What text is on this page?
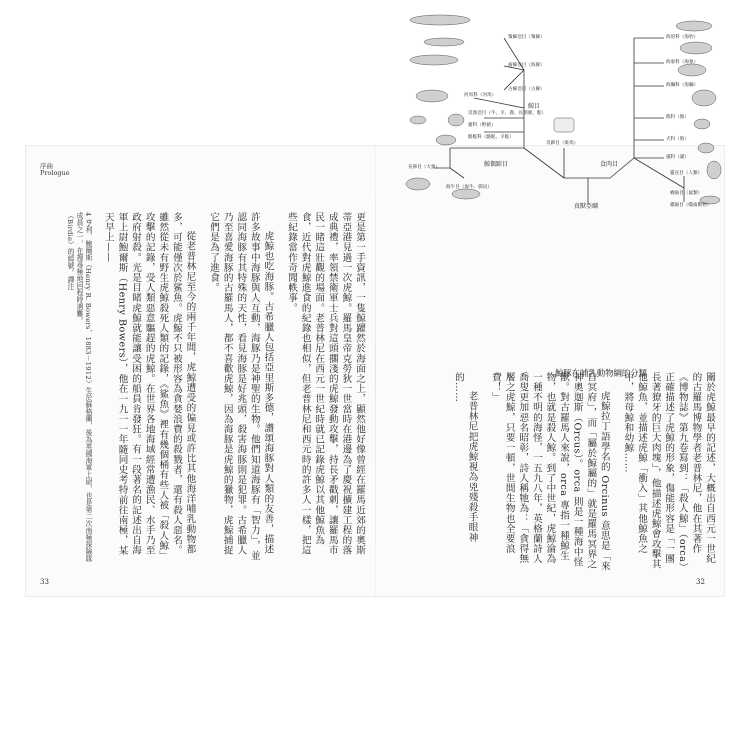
序曲
Prologue

更是第一手資訊，一隻鯨躍然於海面之上，顯然他好像曾經在羅馬近郊的奧斯蒂亞港見過一次虎鯨。羅馬皇帝克勞狄一世當時在港邊為了慶祝擴建工程的落成典禮，率領禁衛軍士兵對這頭擱淺的虎鯨發動攻擊，持長矛戳刺，讓羅馬市民一睹這壯觀的場面。老普林尼在西元一世紀時就已記錄虎鯨以其他鯨魚為食，近代對虎鯨進食的紀錄也相似，但老普林尼和西元時的許多人一樣，把這些紀錄當作奇聞軼事。

虎鯨也吃海豚。古希臘人包括亞里斯多德，讚頌海豚對人類的友善，描述許多故事中海豚與人互動，海豚乃是神聖的生物。他們知道海豚有「智力」，並認同海豚有其特殊的天性，看見海豚是好兆頭，殺害海豚則是犯罪。古希臘人乃至喜愛海豚的古羅馬人，都不喜歡虎鯨，因為海豚是虎鯨的獵物，虎鯨捕捉它們是為了進食。

從老普林尼至今的兩千年間，虎鯨遭受的偏見或許比其他海洋哺乳動物都多，可能僅次於鯊魚。虎鯨不只被形容為貪婪浪費的殺戮者，還有殺人惡名。雖然從未有野生虎鯨殺死人類的記錄，《鯊魚》裡有幾個桶有些人被「殺人鯨」攻擊的記錄，受人類惡意驅趕的虎鯨。在世界各地海域經常遭漁民、水手乃至政府射殺。光是目睹虎鯨就能讓受困的船員肯發狂。有一段著名的記述出自海軍上尉鮑爾斯（Henry Bowers），他在一九一一年隨同史考特前往南極，某天早上——

4 亨利．鮑爾斯（Henry R. Bowers，1883－1912）生於蘇格蘭，後為英國海軍上尉，也是第二次南極探險隊成員之一，在搜尋極地回程時遇難。
（Birdie）的綽號。譯注
33

關於虎鯨最早的記述，大概出自西元一世紀的古羅馬博物學者老普林尼，他在其著作《博物誌》第九卷寫到：「殺人鯨」（orca）正確描述了虎鯨的形象，傷能形容是「一團長著獠牙的巨大肉塊」，他描述虎鯨會攻擊其他鯨魚，並描述虎鯨「衝入」其他鯨魚之中，將母鯨和幼鯨……

虎鯨拉丁語學名的 Orcinus 意思是「來自冥府」，而「屬於鯨屬的」就是羅馬冥界之神奧迦斯（Orcus）。orca 則是一種海中怪獸。對古羅馬人來說，orca 專指一種鯨生物，也就是殺人鯨。到了中世紀，虎鯨淪為一種不明的海怪，一五九八年，英格蘭詩人喬叟更加惡名昭彰，詩人稱牠為：「貪得無饜之虎鯨，只要一頓，世間生物也全要浪費！」

老普林尼把虎鯨視為兇殘殺手眼神的……

32
鯨豚在哺乳動物綱的分類
鬚鯨亞目（鬚鯨）
齒鯨亞目（海豚）
古鯨亞目（古鯨）
鯨目
河馬科（河馬）
反芻亞目（牛、羊、鹿、長頸鹿、駝）
豬科（野豬）
駱駝科（駱駝、羊駝）
長鼻目（大象）
海牛目（海牛、儒艮）
奇蹄目（斑馬）
鯨偶蹄目	食肉目
海豹科（海豹）
海象科（海象）
海獅科（海獅）
熊科（熊）
犬科（狗）
貓科（貓）
靈長目（人類）
嚙齒目（鼠類）
囓齒目（囓齒動物）
真獸亞綱
